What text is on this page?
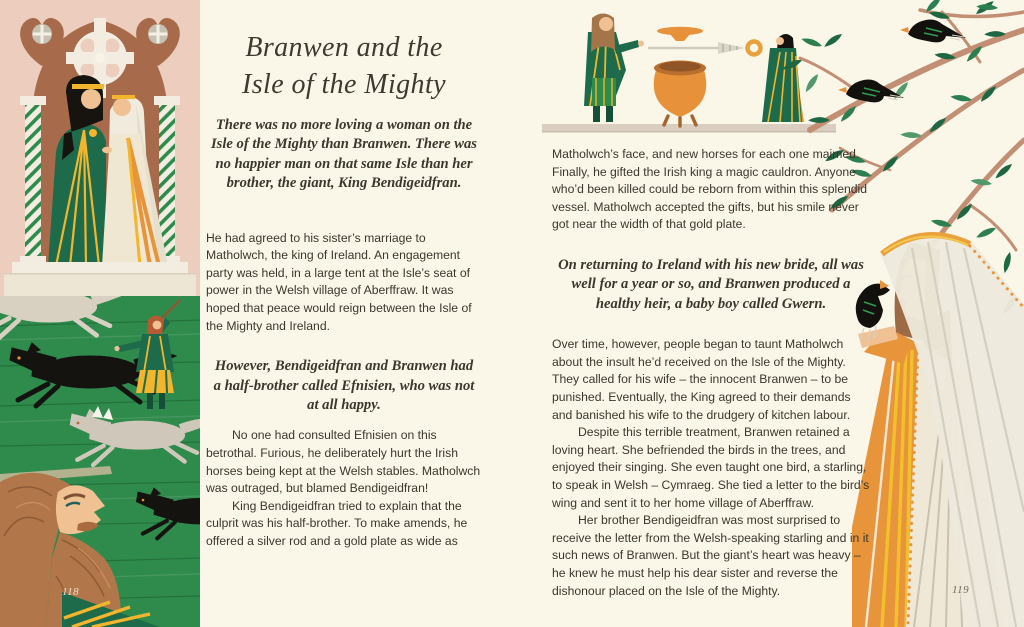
Branwen and the
Isle of the Mighty

There was no more loving a woman on the Isle of the Mighty than Branwen. There was no happier man on that same Isle than her brother, the giant, King Bendigeidfran.

He had agreed to his sister’s marriage to Matholwch, the king of Ireland. An engagement party was held, in a large tent at the Isle’s seat of power in the Welsh village of Aberffraw. It was hoped that peace would reign between the Isle of the Mighty and Ireland.

However, Bendigeidfran and Branwen had a half-brother called Efnisien, who was not at all happy.

No one had consulted Efnisien on this betrothal. Furious, he deliberately hurt the Irish horses being kept at the Welsh stables. Matholwch was outraged, but blamed Bendigeidfran!

King Bendigeidfran tried to explain that the culprit was his half-brother. To make amends, he offered a silver rod and a gold plate as wide as

118

Matholwch’s face, and new horses for each one maimed. Finally, he gifted the Irish king a magic cauldron. Anyone who’d been killed could be reborn from within this splendid vessel. Matholwch accepted the gifts, but his smile never got near the width of that gold plate.

On returning to Ireland with his new bride, all was well for a year or so, and Branwen produced a healthy heir, a baby boy called Gwern.

Over time, however, people began to taunt Matholwch about the insult he’d received on the Isle of the Mighty. They called for his wife – the innocent Branwen – to be punished. Eventually, the King agreed to their demands and banished his wife to the drudgery of kitchen labour.

Despite this terrible treatment, Branwen retained a loving heart. She befriended the birds in the trees, and enjoyed their singing. She even taught one bird, a starling, to speak in Welsh – Cymraeg. She tied a letter to the bird’s wing and sent it to her home village of Aberffraw.

Her brother Bendigeidfran was most surprised to receive the letter from the Welsh-speaking starling and in it such news of Branwen. But the giant’s heart was heavy – he knew he must help his dear sister and reverse the dishonour placed on the Isle of the Mighty.	119
